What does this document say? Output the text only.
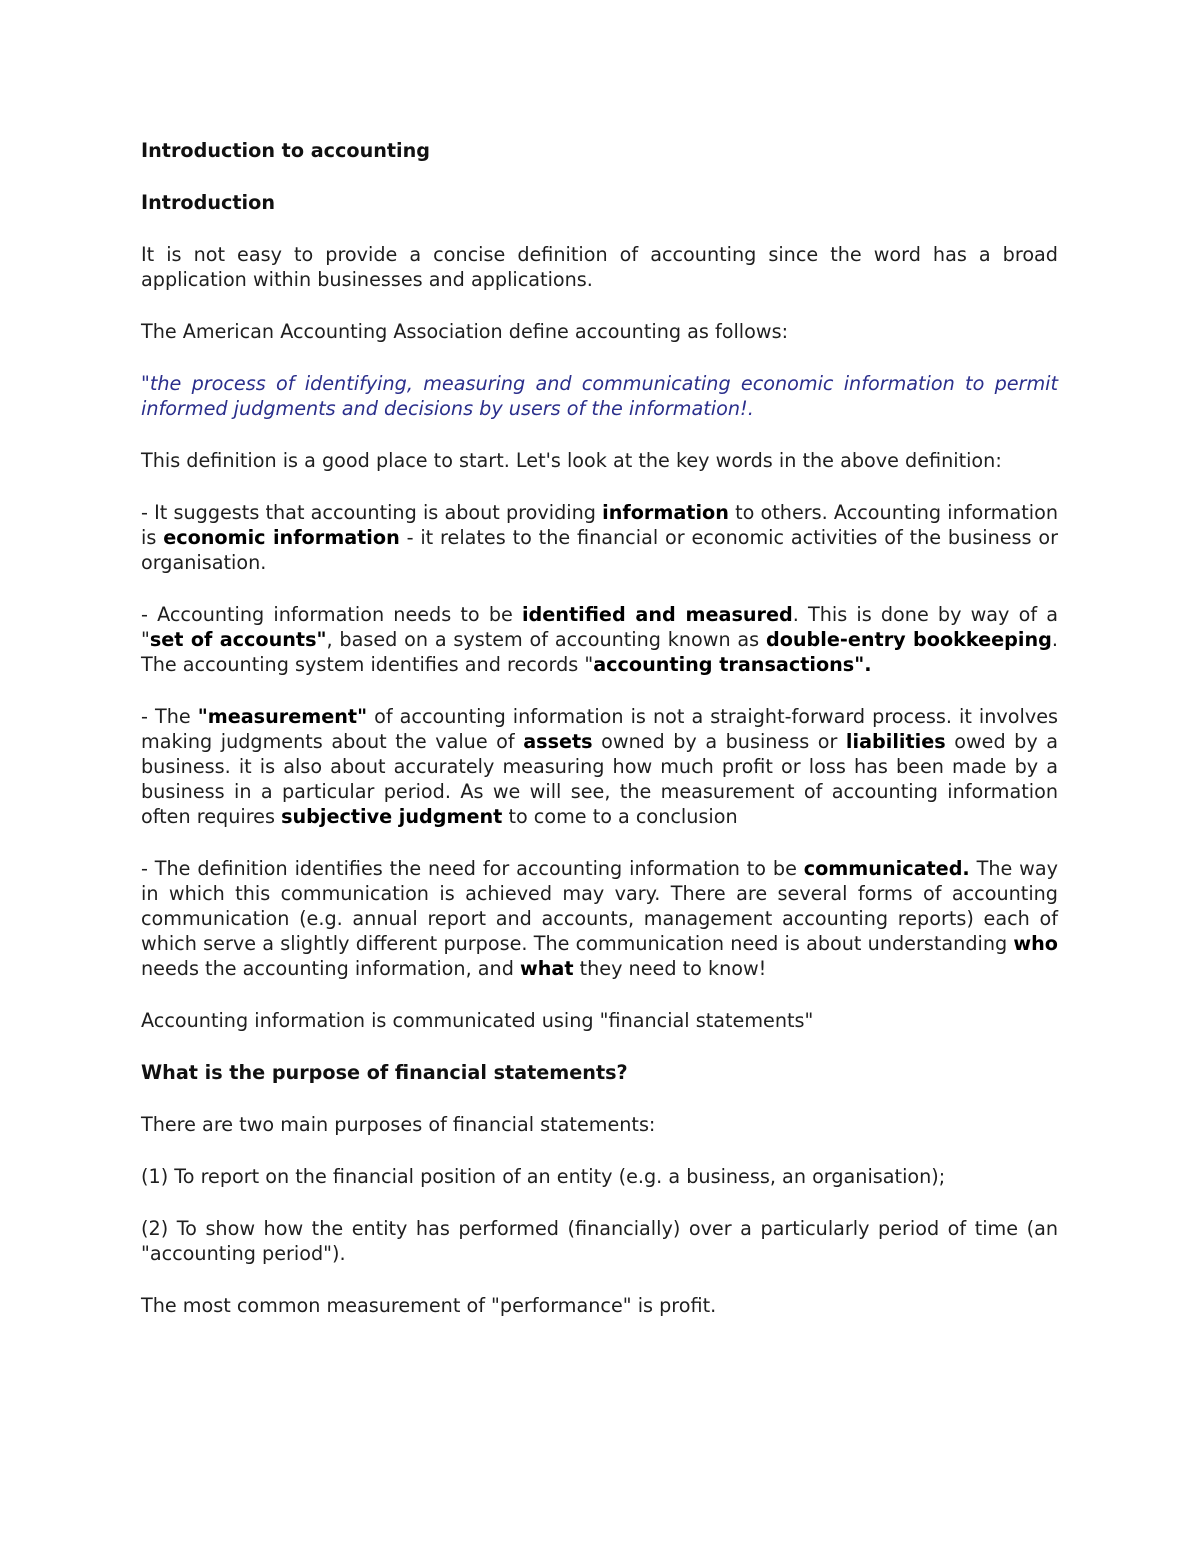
Introduction to accounting

Introduction

It is not easy to provide a concise definition of accounting since the word has a broad application within businesses and applications.

The American Accounting Association define accounting as follows:

"the process of identifying, measuring and communicating economic information to permit informed judgments and decisions by users of the information!.

This definition is a good place to start. Let's look at the key words in the above definition:

- It suggests that accounting is about providing information to others. Accounting information is economic information - it relates to the financial or economic activities of the business or organisation.

- Accounting information needs to be identified and measured. This is done by way of a "set of accounts", based on a system of accounting known as double-entry bookkeeping. The accounting system identifies and records "accounting transactions".

- The "measurement" of accounting information is not a straight-forward process. it involves making judgments about the value of assets owned by a business or liabilities owed by a business. it is also about accurately measuring how much profit or loss has been made by a business in a particular period. As we will see, the measurement of accounting information often requires subjective judgment to come to a conclusion

- The definition identifies the need for accounting information to be communicated. The way in which this communication is achieved may vary. There are several forms of accounting communication (e.g. annual report and accounts, management accounting reports) each of which serve a slightly different purpose. The communication need is about understanding who needs the accounting information, and what they need to know!

Accounting information is communicated using "financial statements"

What is the purpose of financial statements?

There are two main purposes of financial statements:

(1) To report on the financial position of an entity (e.g. a business, an organisation);

(2) To show how the entity has performed (financially) over a particularly period of time (an "accounting period").

The most common measurement of "performance" is profit.
